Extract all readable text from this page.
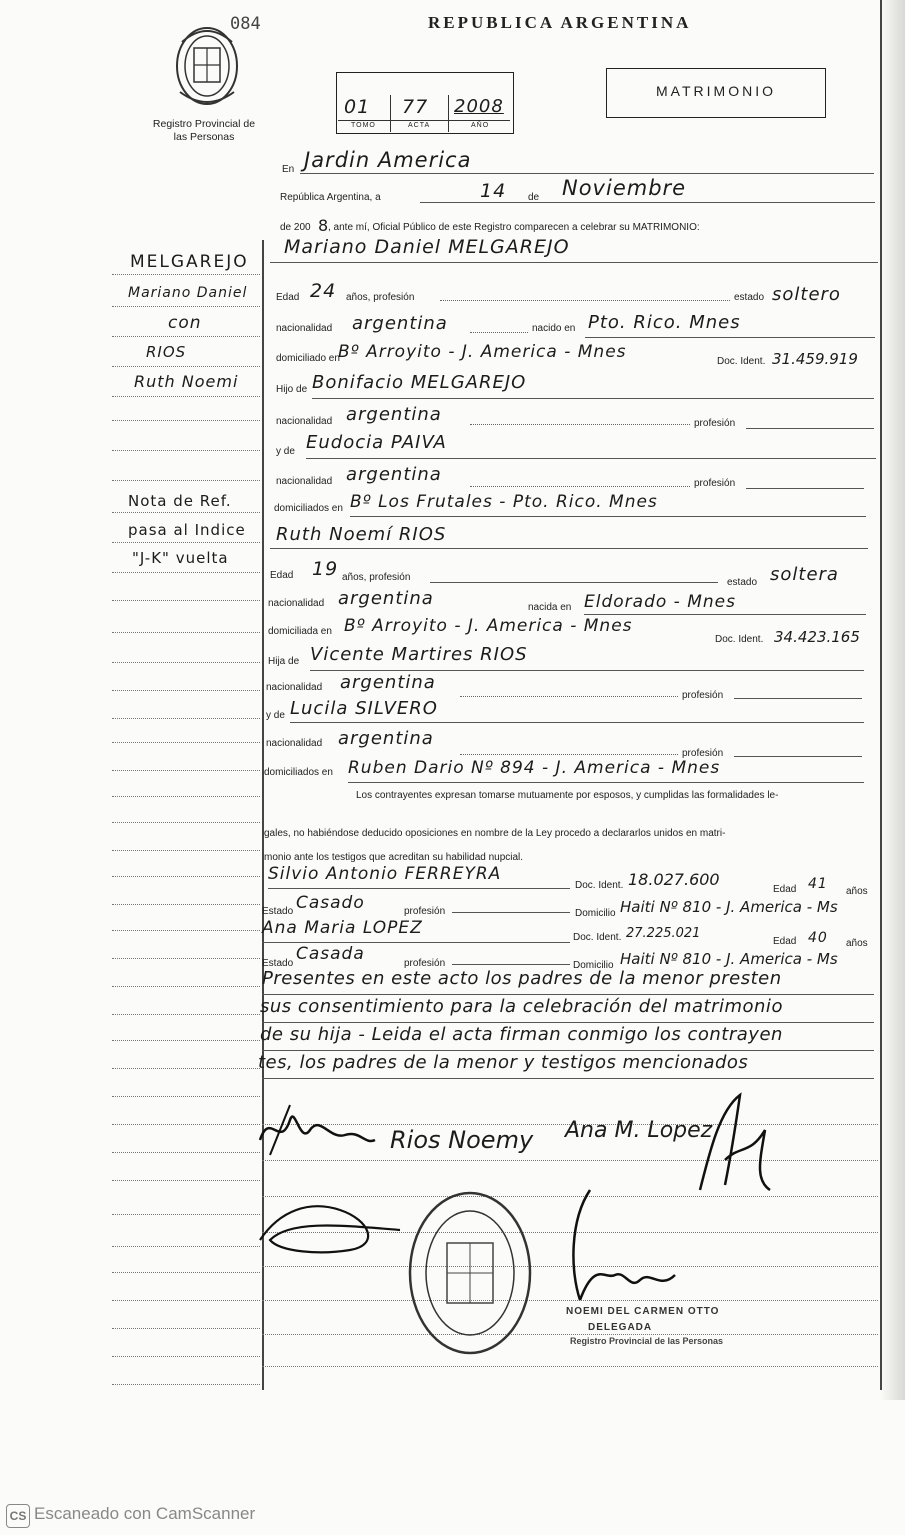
084
Registro Provincial de las Personas
REPUBLICA ARGENTINA
01 77 2008
TOMO	ACTA	AÑO
MATRIMONIO
MELGAREJO
Mariano Daniel
con
RIOS
Ruth Noemi
Nota de Ref.
pasa al Indice
"J-K" vuelta
En Jardin America
República Argentina, a	14 de Noviembre
de 200 8
, ante mí, Oficial Público de este Registro comparecen a celebrar su MATRIMONIO:
Mariano Daniel MELGAREJO
Edad 24 años, profesión	estado soltero
nacionalidad argentina	nacido en Pto. Rico. Mnes
domiciliado en
Bº Arroyito - J. America - Mnes	Doc. Ident. 31.459.919
Hijo de Bonifacio MELGAREJO
nacionalidad argentina	profesión
y de Eudocia PAIVA
nacionalidad argentina	profesión
domiciliados en Bº Los Frutales - Pto. Rico. Mnes
Ruth Noemí RIOS
Edad 19 años, profesión	estado soltera
nacionalidad argentina	nacida en Eldorado - Mnes
domiciliada en Bº Arroyito - J. America - Mnes
Doc. Ident. 34.423.165
Hija de Vicente Martires RIOS
nacionalidad argentina
profesión
y de Lucila SILVERO
nacionalidad argentina
profesión
domiciliados en Ruben Dario Nº 894 - J. America - Mnes
Los contrayentes expresan tomarse mutuamente por esposos, y cumplidas las formalidades le-
gales, no habiéndose deducido oposiciones en nombre de la Ley procedo a declararlos unidos en matri-
monio ante los testigos que acreditan su habilidad nupcial.
Silvio Antonio FERREYRA
Doc. Ident. 18.027.600
Edad 41 años
Estado Casado	profesión	Domicilio Haiti Nº 810 - J. America - Ms
Ana Maria LOPEZ	Doc. Ident. 27.225.021
Edad 40 años
Estado Casada	profesión	Domicilio Haiti Nº 810 - J. America - Ms
Presentes en este acto los padres de la menor presten
sus consentimiento para la celebración del matrimonio
de su hija - Leida el acta firman conmigo los contrayen
tes, los padres de la menor y testigos mencionados
Rios Noemy Ana M. Lopez
NOEMI DEL CARMEN OTTO
DELEGADA
Registro Provincial de las Personas
CS Escaneado con CamScanner
